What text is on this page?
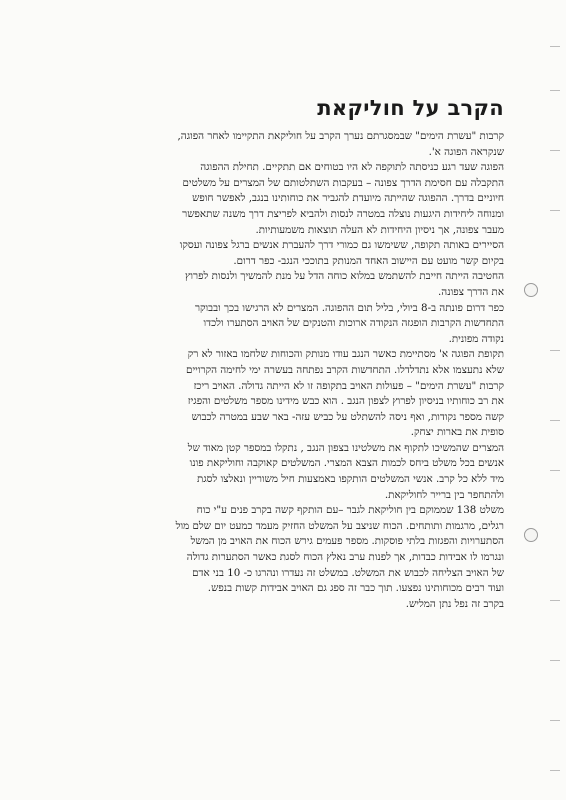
הקרב על חוליקאת
קרבות "עשרת הימים" שבמסגרתם נערך הקרב על חוליקאת התקיימו לאחר הפוגה,
שנקראה הפוגה א'.
הפוגה שעד רגע כניסתה לתוקפה לא היו בטוחים אם תתקיים. תחילת ההפוגה
התקבלה עם חסימת הדרך צפונה – בעקבות השתלטותם של המצרים על משלטים
חיוניים בדרך. ההפוגה שהייתה מיועדת להגביר את כוחותינו בנגב, לאפשר חופש
ומנוחה ליחידות היגעות נוצלה במטרה לנסות ולהביא לפריצת דרך משנה שתאפשר
מעבר צפונה, אך ניסיון היחידות לא העלה תוצאות משמעותיות.
הסיירים באותה תקופה, ששימשו גם כמורי דרך להעברת אנשים ברגל צפונה ועסקו
בקיום קשר מועט עם היישוב האחד המנותק בתוככי הנגב- כפר דרום.
החטיבה הייתה חייבת להשתמש במלוא כוחה הדל על מנת להמשיך ולנסות לפרוץ
את הדרך צפונה.
כפר דרום פונתה ב-8 ביולי, בליל תום ההפוגה. המצרים לא הרגישו בכך ובבוקר
התחדשות הקרבות הופגזה הנקודה ארוכות והטנקים של האויב הסתערו ולכדו
נקודה מפונית.
תקופת הפוגה א' מסתיימת כאשר הנגב עודו מנותק והכוחות שלחמו באזור לא רק
שלא נתעצמו אלא נתדלדלו. התחדשות הקרב נפתחה בעשרה ימי לחימה הקרויים
קרבות "עשרת הימים" – פעולות האויב בתקופה זו לא הייתה גדולה. האויב ריכז
את רב כוחותיו בניסיון לפרוץ לצפון הנגב . הוא כבש מידינו מספר משלטים והפגיז
קשה מספר נקודות, ואף ניסה להשתלט על כביש עזה- באר שבע במטרה לכבוש
סופית את בארות יצחק.
המצרים שהמשיכו לתקוף את משלטינו בצפון הנגב , נתקלו במספר קטן מאוד של
אנשים בכל משלט ביחס לכמות הצבא המצרי. המשלטים קאוקבה וחוליקאת פונו
מיד ללא כל קרב. אנשי המשלטים הותקפו באמצעות חיל משוריין ונאלצו לסגת
ולהתחפר בין ברייר לחוליקאת.
משלט 138 שממוקם בין חוליקאת לגבר –עם הותקף קשה בקרב פנים ע"י כוח
רגלים, מרגמות ותותחים. הכוח שניצב על המשלט החזיק מעמד כמעט יום שלם מול
הסתערויות והפגזות בלתי פוסקות. מספר פעמים גירש הכוח את האויב מן המשל
ונגרמו לו אבידות כבדות, אך לפנות ערב נאלץ הכוח לסגת כאשר הסתערות גדולה
של האויב הצליחה לכבוש את המשלט. במשלט זה נעדרו ונהרגו כ- 10 בני אדם
ועוד רבים מכוחותינו נפצעו. תוך כבר זה ספג גם האויב אבידות קשות בנפש.
בקרב זה נפל נתן המליש.
